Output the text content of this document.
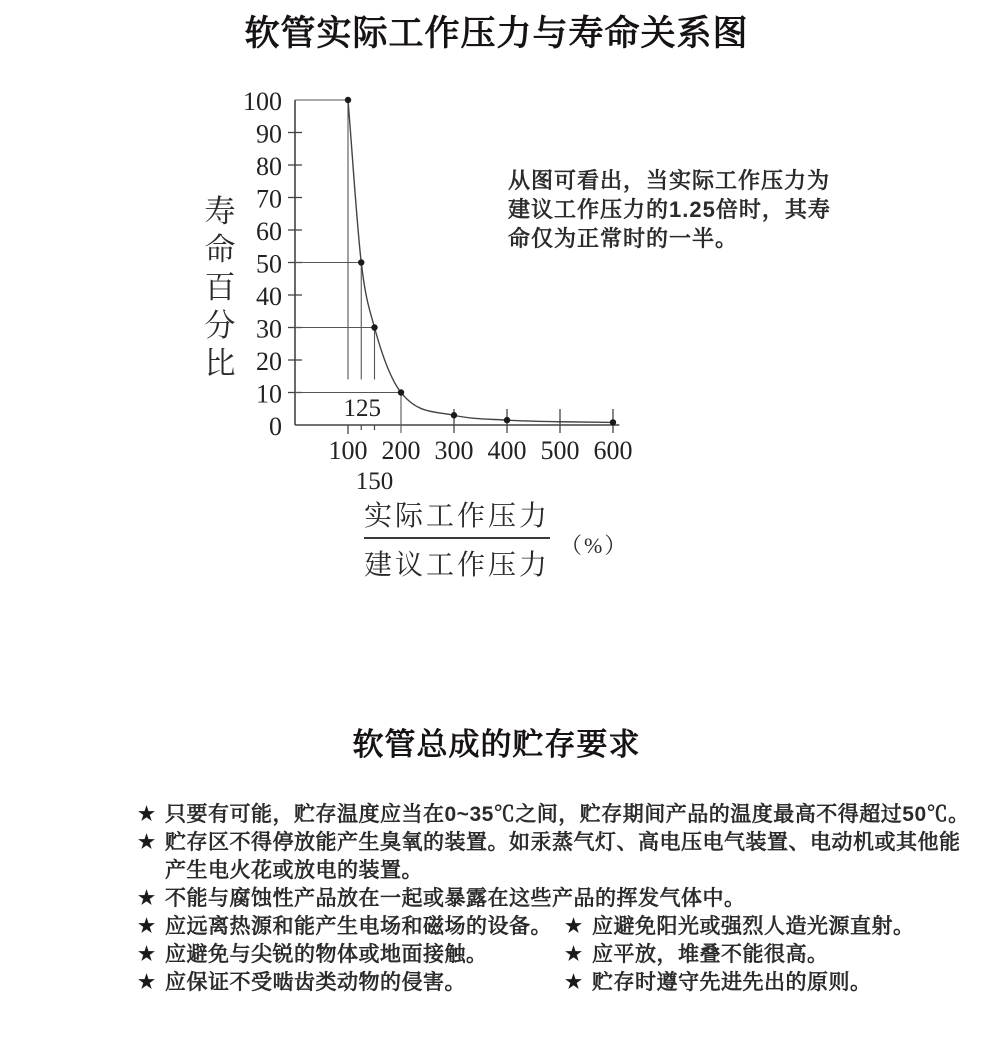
软管实际工作压力与寿命关系图
0
10
20
30
40
50
60
70
80
90
100
寿
命
百
分
比
100 200 300 400 500 600
125
150
从图可看出，当实际工作压力为
建议工作压力的1.25倍时，其寿
命仅为正常时的一半。
$\frac{\text{实际工作压力}}{\text{建议工作压力}}$ （%）
软管总成的贮存要求
★ 只要有可能，贮存温度应当在0~35℃之间，贮存期间产品的温度最高不得超过50℃。
★ 贮存区不得停放能产生臭氧的装置。如汞蒸气灯、高电压电气装置、电动机或其他能
产生电火花或放电的装置。
★ 不能与腐蚀性产品放在一起或暴露在这些产品的挥发气体中。
★ 应远离热源和能产生电场和磁场的设备。 ★ 应避免阳光或强烈人造光源直射。
★ 应避免与尖锐的物体或地面接触。	★ 应平放，堆叠不能很高。
★ 应保证不受啮齿类动物的侵害。	★ 贮存时遵守先进先出的原则。
